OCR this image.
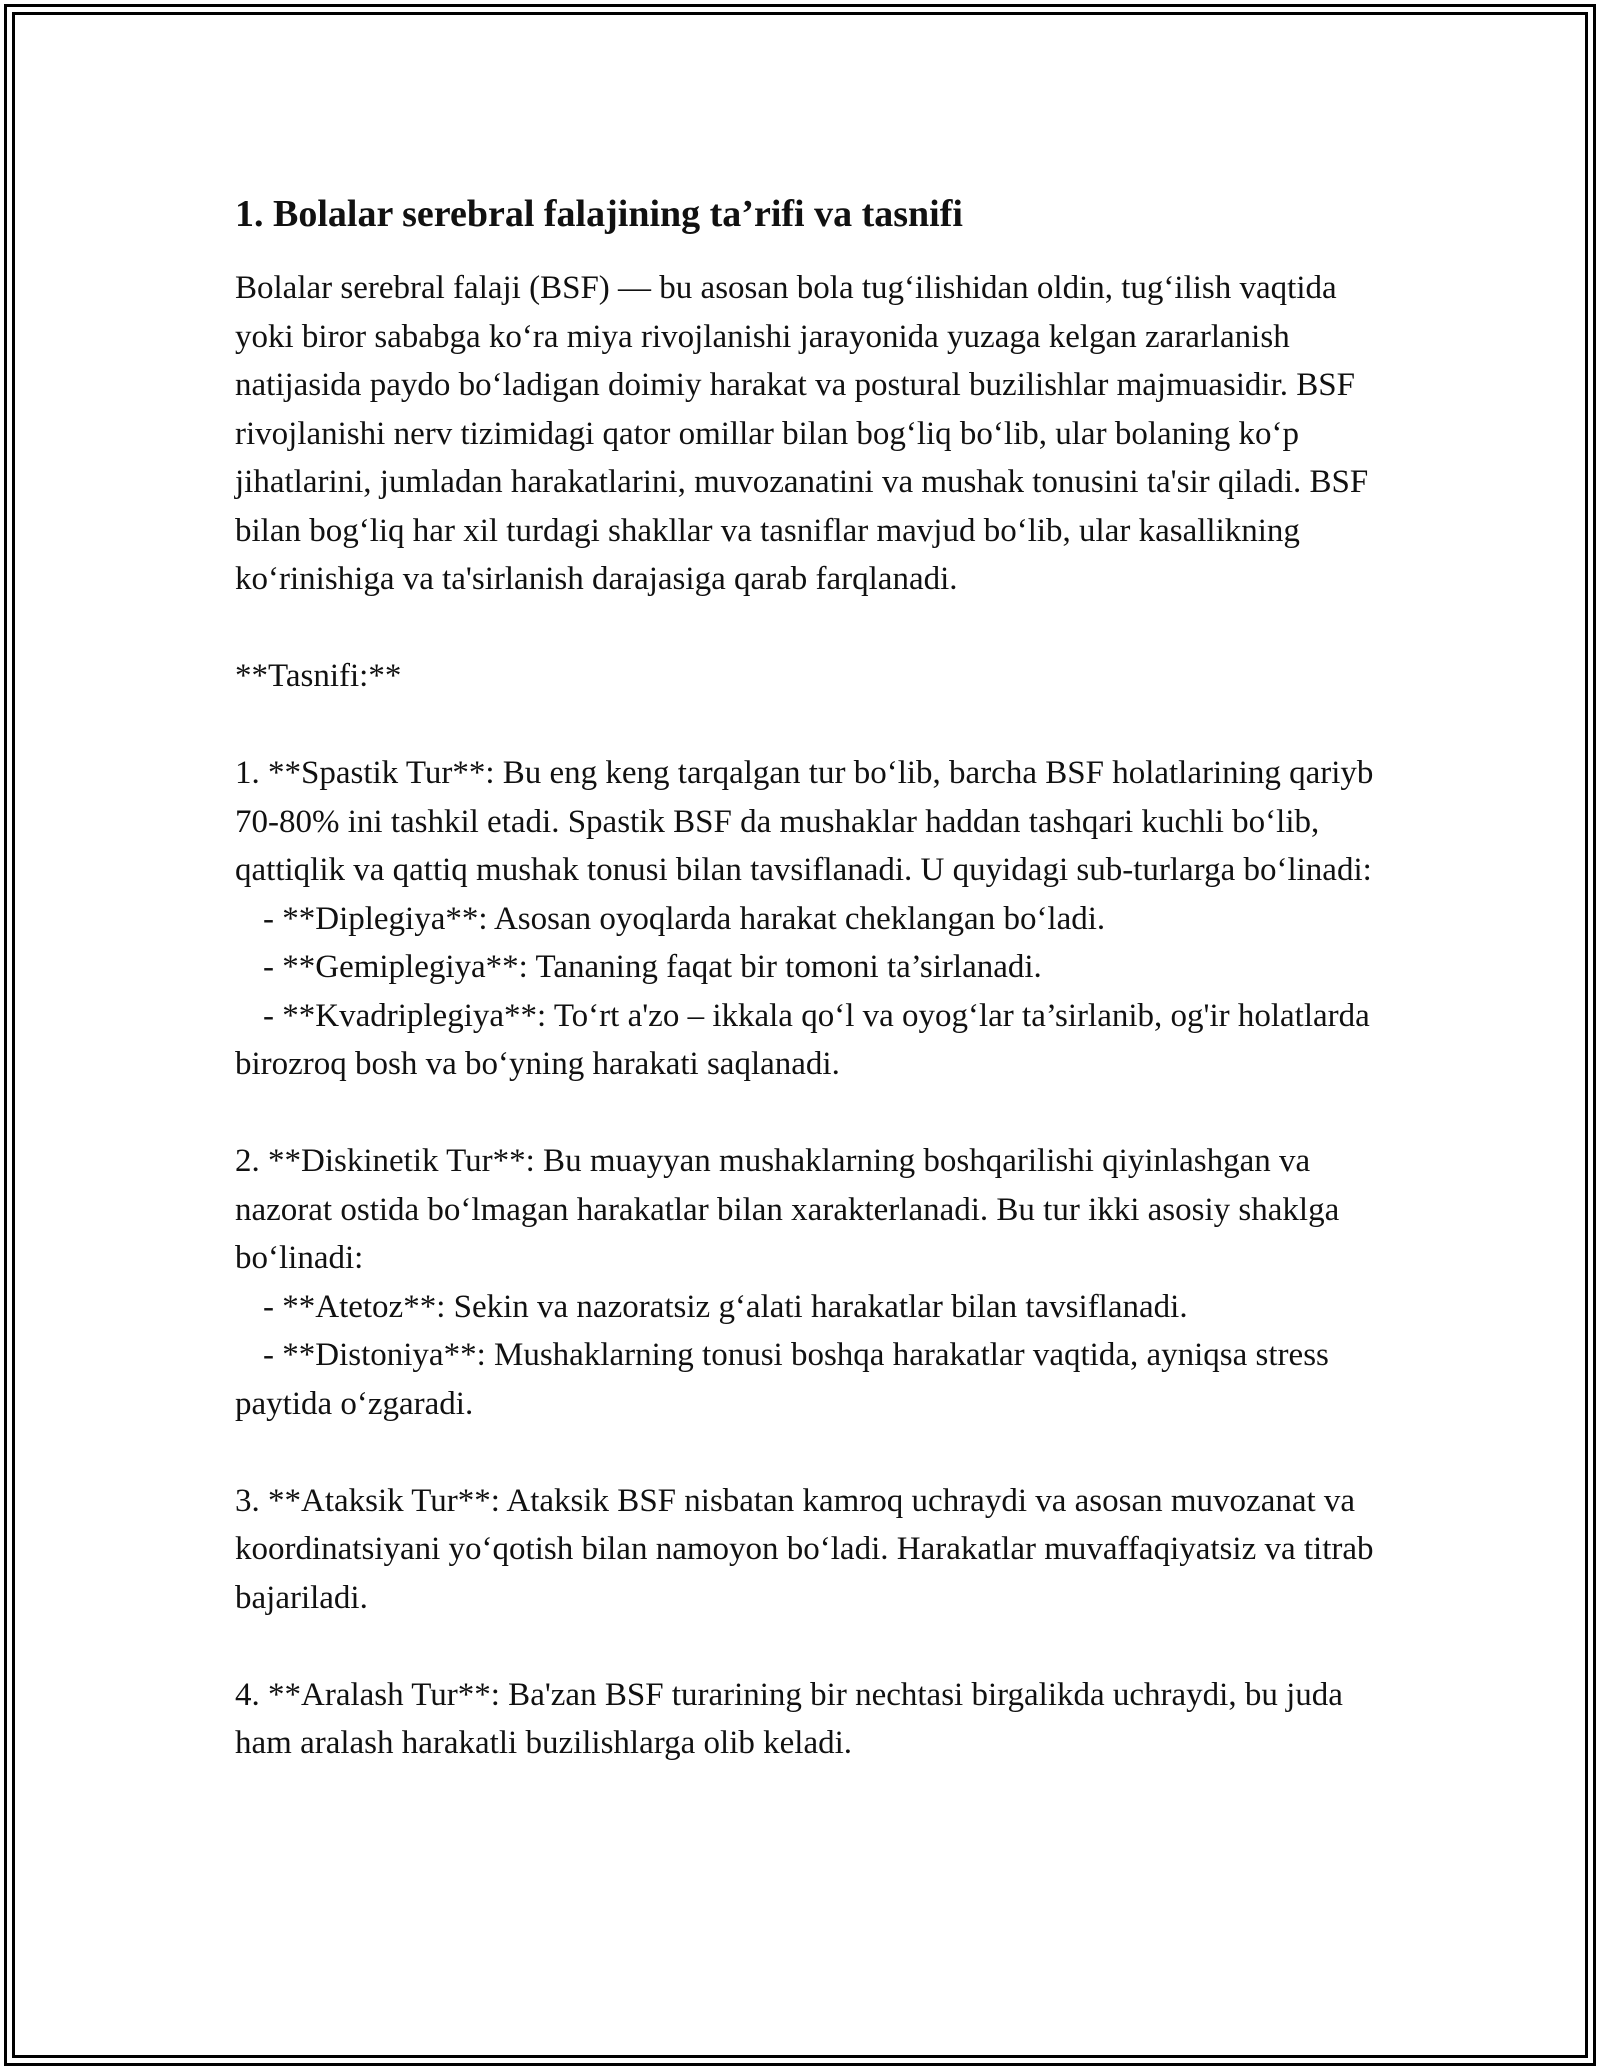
1. Bolalar serebral falajining ta’rifi va tasnifi

Bolalar serebral falaji (BSF) — bu asosan bola tug‘ilishidan oldin, tug‘ilish vaqtida yoki biror sababga ko‘ra miya rivojlanishi jarayonida yuzaga kelgan zararlanish natijasida paydo bo‘ladigan doimiy harakat va postural buzilishlar majmuasidir. BSF rivojlanishi nerv tizimidagi qator omillar bilan bog‘liq bo‘lib, ular bolaning ko‘p jihatlarini, jumladan harakatlarini, muvozanatini va mushak tonusini ta'sir qiladi. BSF bilan bog‘liq har xil turdagi shakllar va tasniflar mavjud bo‘lib, ular kasallikning ko‘rinishiga va ta'sirlanish darajasiga qarab farqlanadi.

**Tasnifi:**

1. **Spastik Tur**: Bu eng keng tarqalgan tur bo‘lib, barcha BSF holatlarining qariyb 70-80% ini tashkil etadi. Spastik BSF da mushaklar haddan tashqari kuchli bo‘lib, qattiqlik va qattiq mushak tonusi bilan tavsiflanadi. U quyidagi sub-turlarga bo‘linadi:
- **Diplegiya**: Asosan oyoqlarda harakat cheklangan bo‘ladi.
- **Gemiplegiya**: Tananing faqat bir tomoni ta’sirlanadi.
- **Kvadriplegiya**: To‘rt a'zo – ikkala qo‘l va oyog‘lar ta’sirlanib, og'ir holatlarda birozroq bosh va bo‘yning harakati saqlanadi.
2. **Diskinetik Tur**: Bu muayyan mushaklarning boshqarilishi qiyinlashgan va nazorat ostida bo‘lmagan harakatlar bilan xarakterlanadi. Bu tur ikki asosiy shaklga bo‘linadi:
- **Atetoz**: Sekin va nazoratsiz g‘alati harakatlar bilan tavsiflanadi.
- **Distoniya**: Mushaklarning tonusi boshqa harakatlar vaqtida, ayniqsa stress paytida o‘zgaradi.
3. **Ataksik Tur**: Ataksik BSF nisbatan kamroq uchraydi va asosan muvozanat va koordinatsiyani yo‘qotish bilan namoyon bo‘ladi. Harakatlar muvaffaqiyatsiz va titrab bajariladi.
4. **Aralash Tur**: Ba'zan BSF turarining bir nechtasi birgalikda uchraydi, bu juda ham aralash harakatli buzilishlarga olib keladi.
